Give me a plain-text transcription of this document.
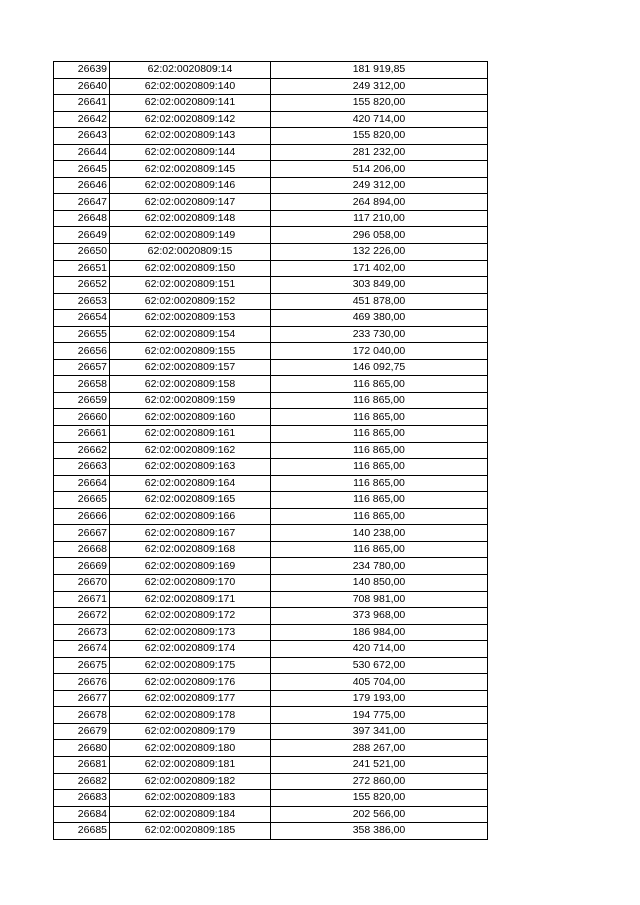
26639	62:02:0020809:14	181 919,85
26640	62:02:0020809:140	249 312,00
26641	62:02:0020809:141	155 820,00
26642	62:02:0020809:142	420 714,00
26643	62:02:0020809:143	155 820,00
26644	62:02:0020809:144	281 232,00
26645	62:02:0020809:145	514 206,00
26646	62:02:0020809:146	249 312,00
26647	62:02:0020809:147	264 894,00
26648	62:02:0020809:148	117 210,00
26649	62:02:0020809:149	296 058,00
26650	62:02:0020809:15	132 226,00
26651	62:02:0020809:150	171 402,00
26652	62:02:0020809:151	303 849,00
26653	62:02:0020809:152	451 878,00
26654	62:02:0020809:153	469 380,00
26655	62:02:0020809:154	233 730,00
26656	62:02:0020809:155	172 040,00
26657	62:02:0020809:157	146 092,75
26658	62:02:0020809:158	116 865,00
26659	62:02:0020809:159	116 865,00
26660	62:02:0020809:160	116 865,00
26661	62:02:0020809:161	116 865,00
26662	62:02:0020809:162	116 865,00
26663	62:02:0020809:163	116 865,00
26664	62:02:0020809:164	116 865,00
26665	62:02:0020809:165	116 865,00
26666	62:02:0020809:166	116 865,00
26667	62:02:0020809:167	140 238,00
26668	62:02:0020809:168	116 865,00
26669	62:02:0020809:169	234 780,00
26670	62:02:0020809:170	140 850,00
26671	62:02:0020809:171	708 981,00
26672	62:02:0020809:172	373 968,00
26673	62:02:0020809:173	186 984,00
26674	62:02:0020809:174	420 714,00
26675	62:02:0020809:175	530 672,00
26676	62:02:0020809:176	405 704,00
26677	62:02:0020809:177	179 193,00
26678	62:02:0020809:178	194 775,00
26679	62:02:0020809:179	397 341,00
26680	62:02:0020809:180	288 267,00
26681	62:02:0020809:181	241 521,00
26682	62:02:0020809:182	272 860,00
26683	62:02:0020809:183	155 820,00
26684	62:02:0020809:184	202 566,00
26685	62:02:0020809:185	358 386,00
